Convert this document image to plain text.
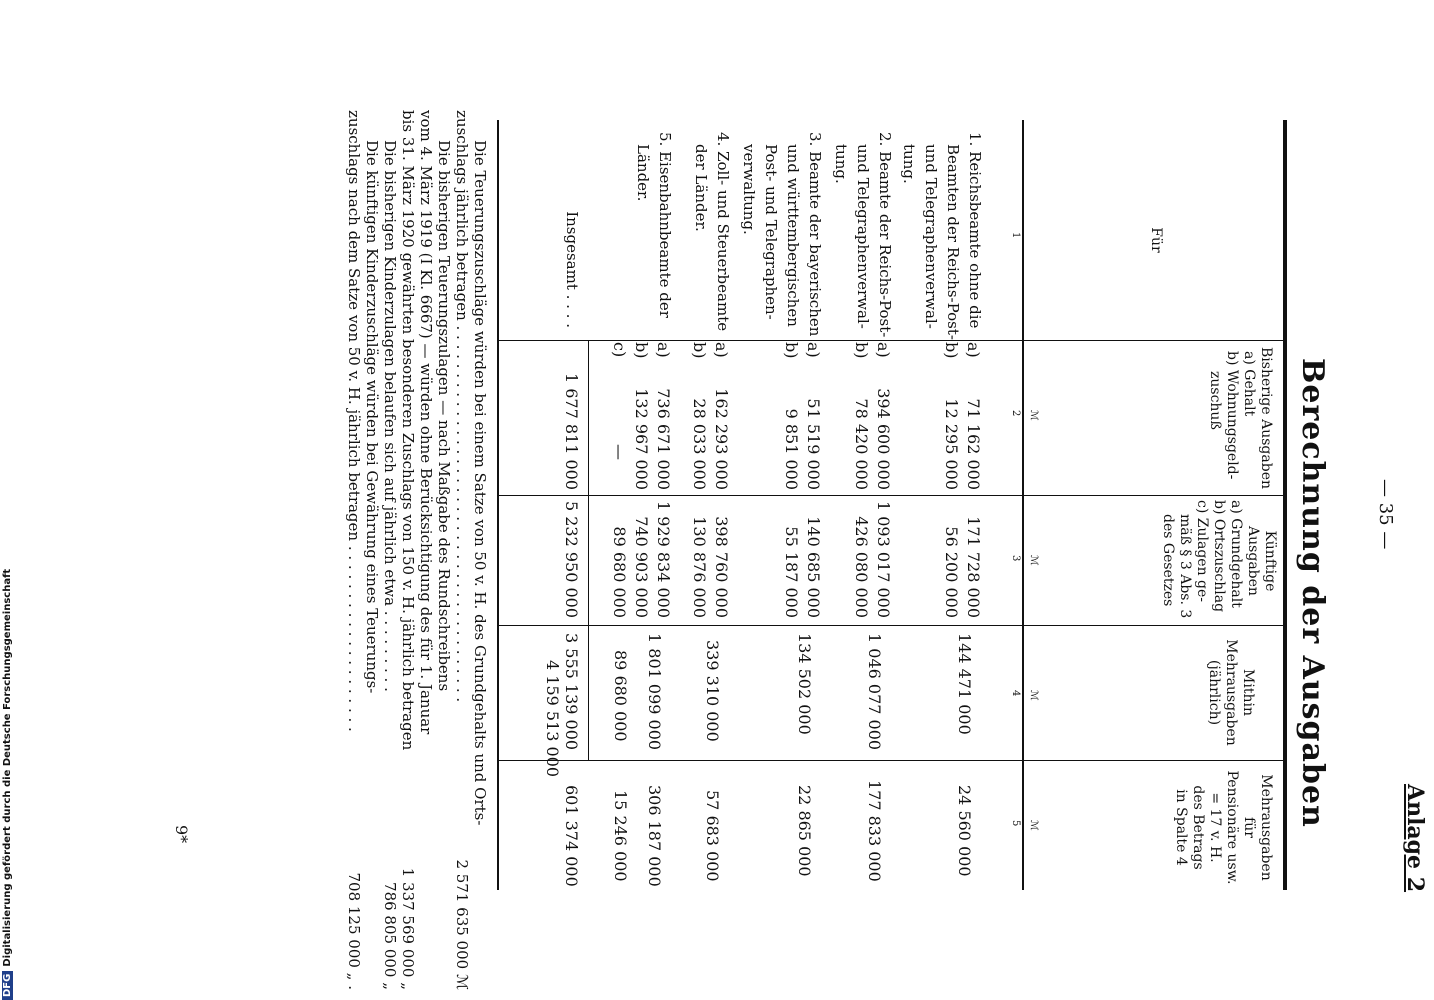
— 35 —
Anlage 2
Berechnung der Ausgaben
Für
Bisherige Ausgaben
a) Gehalt
b) Wohnungsgeld-
zuschuß
Künftige
Ausgaben
a) Grundgehalt
b) Ortszuschlag
c) Zulagen ge-
mäß § 3 Abs. 3
des Gesetzes
Mithin
Mehrausgaben
(jährlich)
Mehrausgaben
für
Pensionäre usw.
= 17 v. H.
des Betrags
in Spalte 4
ℳ
ℳ
ℳ
ℳ
1
2
3
4
5
1. Reichsbeamte ohne die
Beamten der Reichs-Post-
und Telegraphenverwal-
tung.
a)
b)
71 162 000
12 295 000
171 728 000
56 200 000
144 471 000
24 560 000
2. Beamte der Reichs-Post-
und Telegraphenverwal-
tung.
a)
b)
394 600 000
78 420 000
1 093 017 000
426 080 000
1 046 077 000
177 833 000
3. Beamte der bayerischen
und württembergischen
Post- und Telegraphen-
verwaltung.
a)
b)
51 519 000
9 851 000
140 685 000
55 187 000
134 502 000
22 865 000
4. Zoll- und Steuerbeamte
der Länder.
a)
b)
162 293 000
28 033 000
398 760 000
130 876 000
339 310 000
57 683 000
5. Eisenbahnbeamte der
Länder.
a)
b)
c)
736 671 000
132 967 000
—
1 929 834 000
740 903 000
89 680 000
1 801 099 000
89 680 000
306 187 000
15 246 000
Insgesamt . . . .
1 677 811 000
5 232 950 000
3 555 139 000
601 374 000
4 159 513 000
Die Teuerungszuschläge würden bei einem Satze von 50 v. H. des Grundgehalts und Orts-
zuschlags jährlich betragen . . . . . . . . . . . . . . . . . . . . . . . . . . . . . . . . . . . . . . . .
2 571 635 000 ℳ
Die bisherigen Teuerungszulagen — nach Maßgabe des Rundschreibens
vom 4. März 1919 (I Kl. 6667) — würden ohne Berücksichtigung des für 1. Januar
bis 31. März 1920 gewährten besonderen Zuschlags von 150 v. H. jährlich betragen
1 337 569 000 „
Die bisherigen Kinderzulagen belaufen sich auf jährlich etwa . . . . . . . . .
786 805 000 „
Die künftigen Kinderzuschläge würden bei Gewährung eines Teuerungs-
zuschlags nach dem Satze von 50 v. H. jährlich betragen . . . . . . . . . . . . . . . . . . . .
708 125 000 „ .
9*
DFGDigitalisierung gefördert durch die Deutsche Forschungsgemeinschaft
